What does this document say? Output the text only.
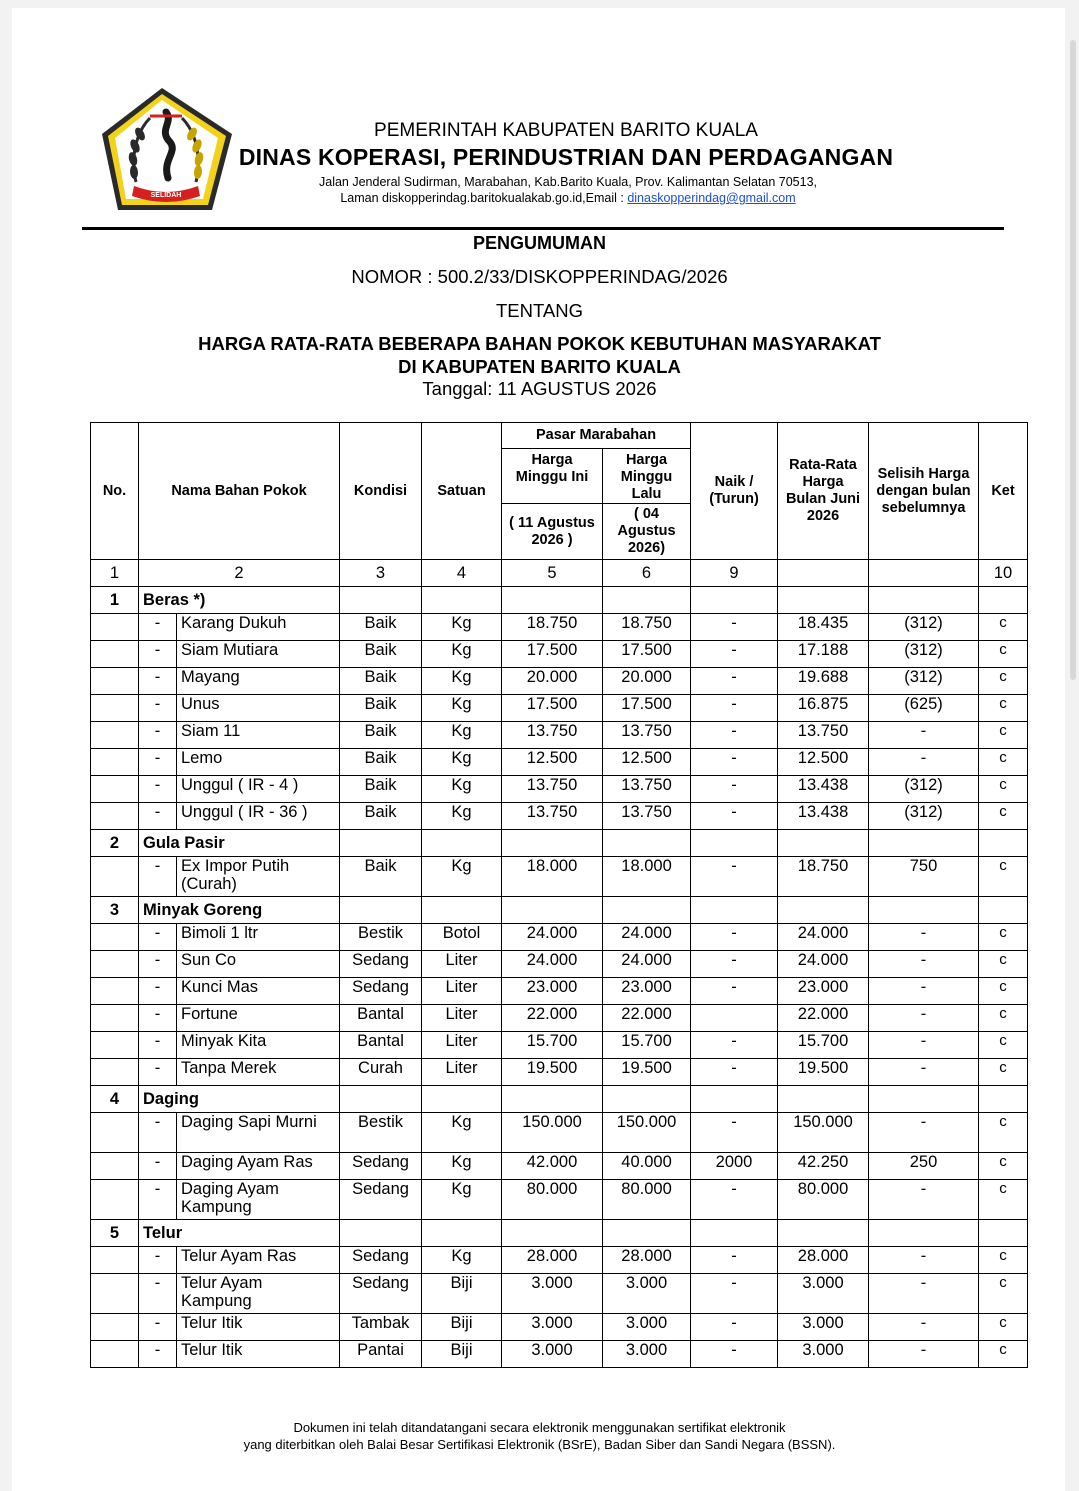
SELIDAH
PEMERINTAH KABUPATEN BARITO KUALA
DINAS KOPERASI, PERINDUSTRIAN DAN PERDAGANGAN
Jalan Jenderal Sudirman, Marabahan, Kab.Barito Kuala, Prov. Kalimantan Selatan 70513,
Laman diskopperindag.baritokualakab.go.id,Email : dinaskopperindag@gmail.com
PENGUMUMAN
NOMOR : 500.2/33/DISKOPPERINDAG/2026
TENTANG
HARGA RATA-RATA BEBERAPA BAHAN POKOK KEBUTUHAN MASYARAKAT
DI KABUPATEN BARITO KUALA
Tanggal: 11 AGUSTUS 2026
No.	Nama Bahan Pokok		Kondisi	Satuan	Pasar Marabahan		Naik / (Turun)	Rata-Rata Harga Bulan Juni 2026	Selisih Harga dengan bulan sebelumnya	Ket
					Harga Minggu Ini	Harga Minggu Lalu				
					( 11 Agustus 2026 )	( 04 Agustus 2026)				
1	2		3	4	5	6	9			10
1	Beras *)									
	-	Karang Dukuh	Baik	Kg	18.750	18.750	-	18.435	(312)	c
	-	Siam Mutiara	Baik	Kg	17.500	17.500	-	17.188	(312)	c
	-	Mayang	Baik	Kg	20.000	20.000	-	19.688	(312)	c
	-	Unus	Baik	Kg	17.500	17.500	-	16.875	(625)	c
	-	Siam 11	Baik	Kg	13.750	13.750	-	13.750	-	c
	-	Lemo	Baik	Kg	12.500	12.500	-	12.500	-	c
	-	Unggul ( IR - 4 )	Baik	Kg	13.750	13.750	-	13.438	(312)	c
	-	Unggul ( IR - 36 )	Baik	Kg	13.750	13.750	-	13.438	(312)	c
2	Gula Pasir									
	-	Ex Impor Putih (Curah)	Baik	Kg	18.000	18.000	-	18.750	750	c
3	Minyak Goreng									
	-	Bimoli 1 ltr	Bestik	Botol	24.000	24.000	-	24.000	-	c
	-	Sun Co	Sedang	Liter	24.000	24.000	-	24.000	-	c
	-	Kunci Mas	Sedang	Liter	23.000	23.000	-	23.000	-	c
	-	Fortune	Bantal	Liter	22.000	22.000		22.000	-	c
	-	Minyak Kita	Bantal	Liter	15.700	15.700	-	15.700	-	c
	-	Tanpa Merek	Curah	Liter	19.500	19.500	-	19.500	-	c
4	Daging									
	-	Daging Sapi Murni	Bestik	Kg	150.000	150.000	-	150.000	-	c
	-	Daging Ayam Ras	Sedang	Kg	42.000	40.000	2000	42.250	250	c
	-	Daging Ayam Kampung	Sedang	Kg	80.000	80.000	-	80.000	-	c
5	Telur									
	-	Telur Ayam Ras	Sedang	Kg	28.000	28.000	-	28.000	-	c
	-	Telur Ayam Kampung	Sedang	Biji	3.000	3.000	-	3.000	-	c
	-	Telur Itik	Tambak	Biji	3.000	3.000	-	3.000	-	c
	-	Telur Itik	Pantai	Biji	3.000	3.000	-	3.000	-	c
Dokumen ini telah ditandatangani secara elektronik menggunakan sertifikat elektronik
yang diterbitkan oleh Balai Besar Sertifikasi Elektronik (BSrE), Badan Siber dan Sandi Negara (BSSN).
